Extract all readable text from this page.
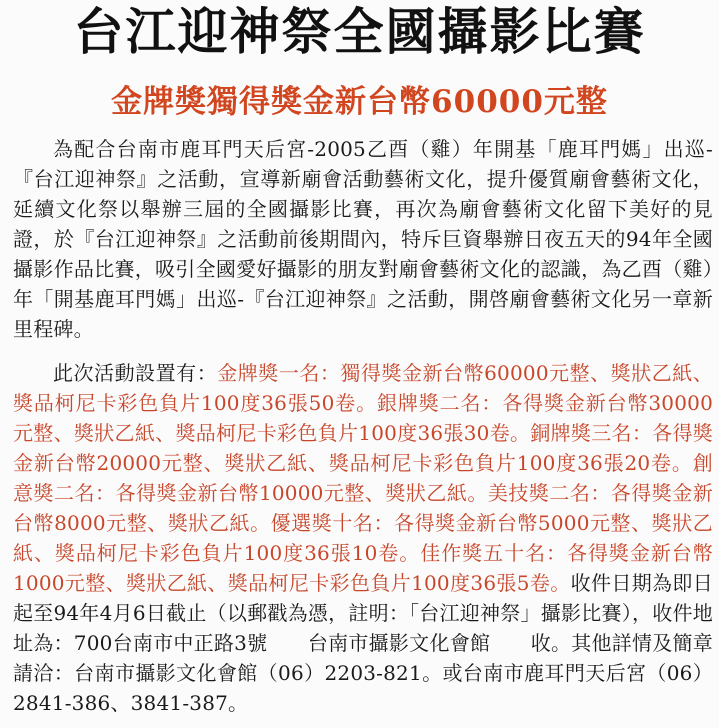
台江迎神祭全國攝影比賽
金牌獎獨得獎金新台幣60000元整

為配合台南市鹿耳門天后宮-2005乙酉（雞）年開基「鹿耳門媽」出巡-『台江迎神祭』之活動，宣導新廟會活動藝術文化，提升優質廟會藝術文化，延續文化祭以舉辦三屆的全國攝影比賽，再次為廟會藝術文化留下美好的見證，於『台江迎神祭』之活動前後期間內，特斥巨資舉辦日夜五天的94年全國攝影作品比賽，吸引全國愛好攝影的朋友對廟會藝術文化的認識，為乙酉（雞）年「開基鹿耳門媽」出巡-『台江迎神祭』之活動，開啓廟會藝術文化另一章新里程碑。

此次活動設置有：金牌獎一名：獨得獎金新台幣60000元整、獎狀乙紙、獎品柯尼卡彩色負片100度36張50卷。銀牌獎二名：各得獎金新台幣30000元整、獎狀乙紙、獎品柯尼卡彩色負片100度36張30卷。銅牌獎三名：各得獎金新台幣20000元整、獎狀乙紙、獎品柯尼卡彩色負片100度36張20卷。創意獎二名：各得獎金新台幣10000元整、獎狀乙紙。美技獎二名：各得獎金新台幣8000元整、獎狀乙紙。優選獎十名：各得獎金新台幣5000元整、獎狀乙紙、獎品柯尼卡彩色負片100度36張10卷。佳作獎五十名：各得獎金新台幣1000元整、獎狀乙紙、獎品柯尼卡彩色負片100度36張5卷。收件日期為即日起至94年4月6日截止（以郵戳為憑，註明：「台江迎神祭」攝影比賽），收件地址為：700台南市中正路3號　　台南市攝影文化會館　　收。其他詳情及簡章請洽：台南市攝影文化會館（06）2203-821。或台南市鹿耳門天后宮（06）2841-386、3841-387。
